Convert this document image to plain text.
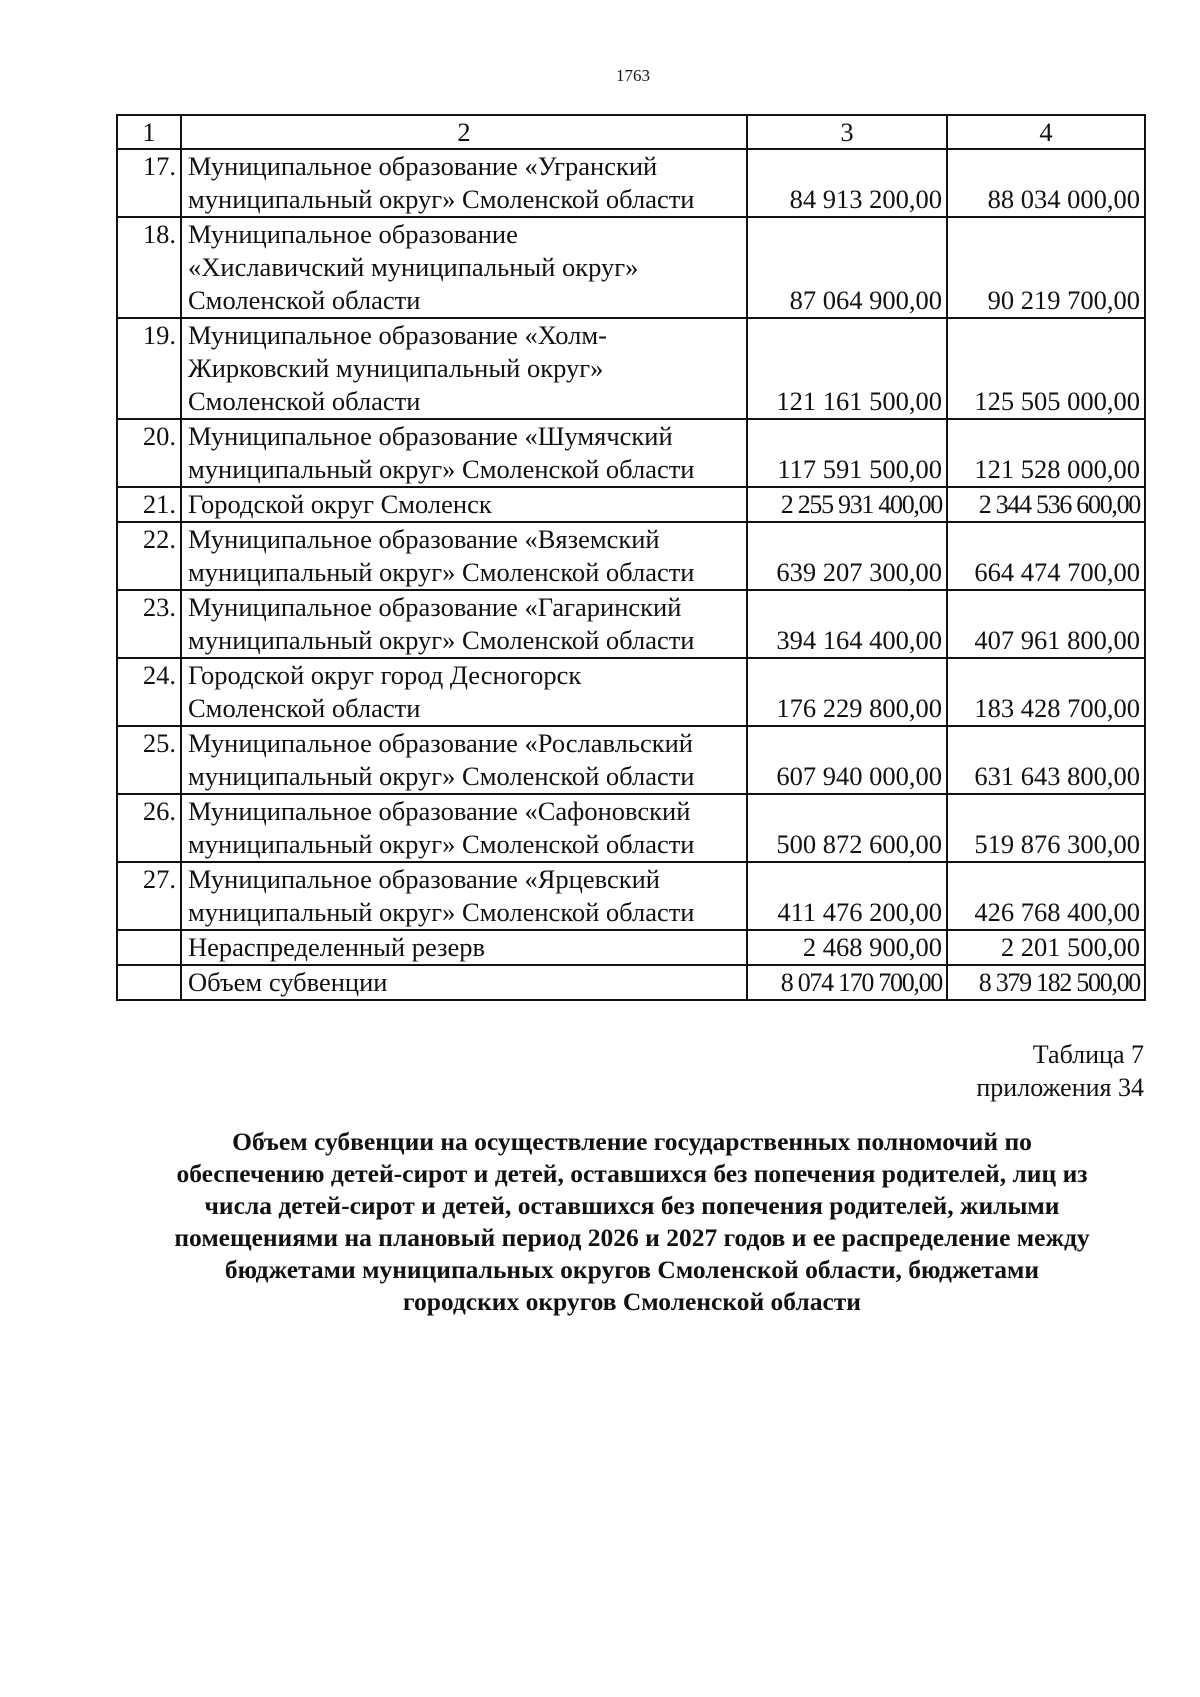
1763
1	2	3	4
17.	Муниципальное образование «Угранский
муниципальный округ» Смоленской области	84 913 200,00	88 034 000,00
18.	Муниципальное образование
«Хиславичский муниципальный округ»
Смоленской области	87 064 900,00	90 219 700,00
19.	Муниципальное образование «Холм-
Жирковский муниципальный округ»
Смоленской области	121 161 500,00	125 505 000,00
20.	Муниципальное образование «Шумячский
муниципальный округ» Смоленской области	117 591 500,00	121 528 000,00
21.	Городской округ Смоленск	2 255 931 400,00	2 344 536 600,00
22.	Муниципальное образование «Вяземский
муниципальный округ» Смоленской области	639 207 300,00	664 474 700,00
23.	Муниципальное образование «Гагаринский
муниципальный округ» Смоленской области	394 164 400,00	407 961 800,00
24.	Городской округ город Десногорск
Смоленской области	176 229 800,00	183 428 700,00
25.	Муниципальное образование «Рославльский
муниципальный округ» Смоленской области	607 940 000,00	631 643 800,00
26.	Муниципальное образование «Сафоновский
муниципальный округ» Смоленской области	500 872 600,00	519 876 300,00
27.	Муниципальное образование «Ярцевский
муниципальный округ» Смоленской области	411 476 200,00	426 768 400,00

	Нераспределенный резерв	2 468 900,00	2 201 500,00

	Объем субвенции	8 074 170 700,00	8 379 182 500,00
Таблица 7
приложения 34
Объем субвенции на осуществление государственных полномочий по
обеспечению детей-сирот и детей, оставшихся без попечения родителей, лиц из
числа детей-сирот и детей, оставшихся без попечения родителей, жилыми
помещениями на плановый период 2026 и 2027 годов и ее распределение между
бюджетами муниципальных округов Смоленской области, бюджетами
городских округов Смоленской области
